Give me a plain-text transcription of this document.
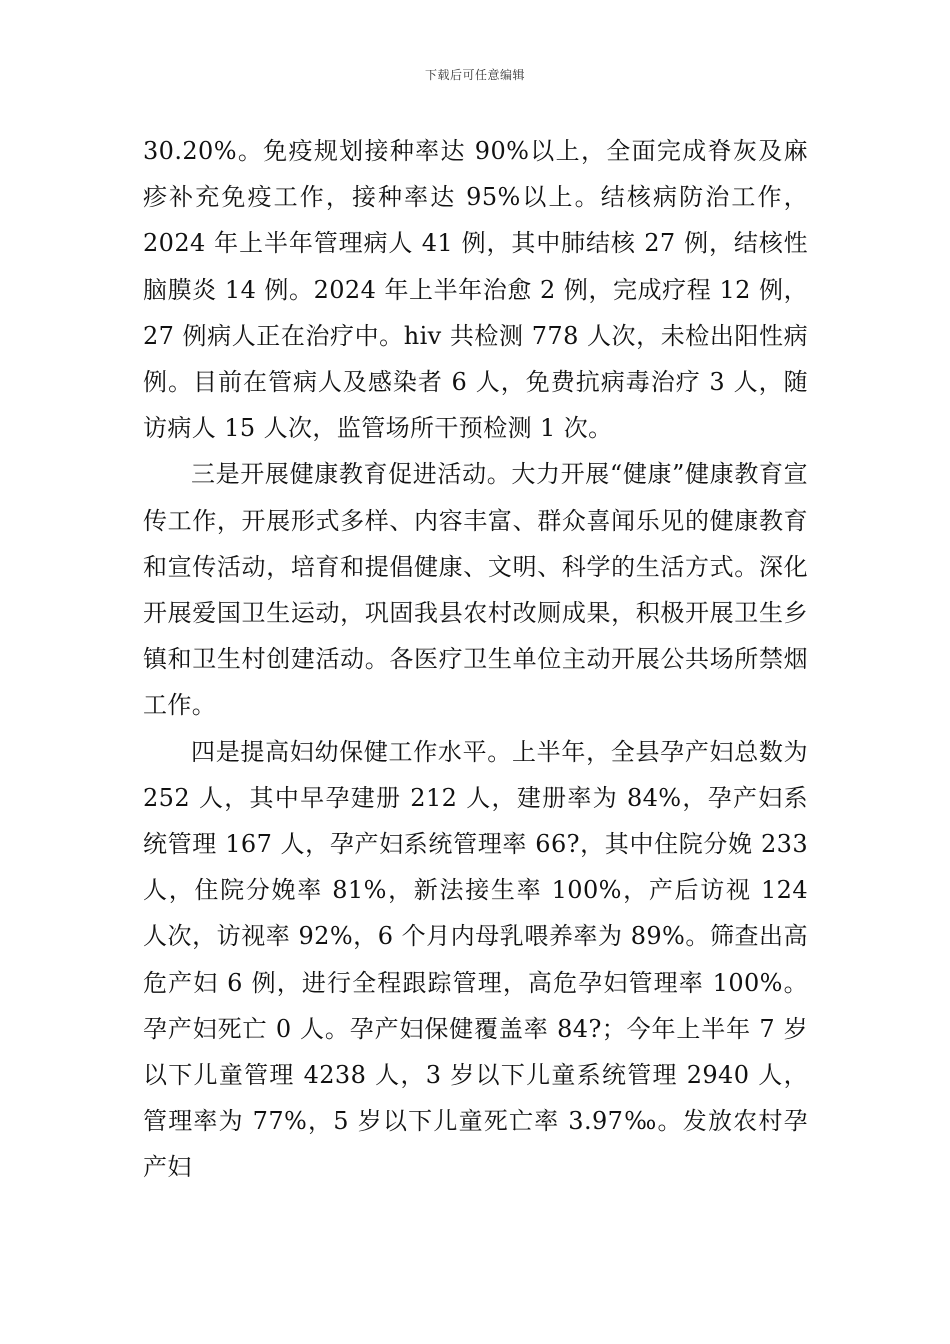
下载后可任意编辑

30.20%。免疫规划接种率达 90%以上，全面完成脊灰及麻疹补充免疫工作，接种率达 95%以上。结核病防治工作，2024 年上半年管理病人 41 例，其中肺结核 27 例，结核性脑膜炎 14 例。2024 年上半年治愈 2 例，完成疗程 12 例，27 例病人正在治疗中。hiv 共检测 778 人次，未检出阳性病例。目前在管病人及感染者 6 人，免费抗病毒治疗 3 人，随访病人 15 人次，监管场所干预检测 1 次。

三是开展健康教育促进活动。大力开展“健康”健康教育宣传工作，开展形式多样、内容丰富、群众喜闻乐见的健康教育和宣传活动，培育和提倡健康、文明、科学的生活方式。深化开展爱国卫生运动，巩固我县农村改厕成果，积极开展卫生乡镇和卫生村创建活动。各医疗卫生单位主动开展公共场所禁烟工作。

四是提高妇幼保健工作水平。上半年，全县孕产妇总数为 252 人，其中早孕建册 212 人，建册率为 84%，孕产妇系统管理 167 人，孕产妇系统管理率 66?，其中住院分娩 233 人，住院分娩率 81%，新法接生率 100%，产后访视 124 人次，访视率 92%，6 个月内母乳喂养率为 89%。筛查出高危产妇 6 例，进行全程跟踪管理，高危孕妇管理率 100%。孕产妇死亡 0 人。孕产妇保健覆盖率 84?；今年上半年 7 岁以下儿童管理 4238 人，3 岁以下儿童系统管理 2940 人，管理率为 77%，5 岁以下儿童死亡率 3.97‰。发放农村孕产妇
